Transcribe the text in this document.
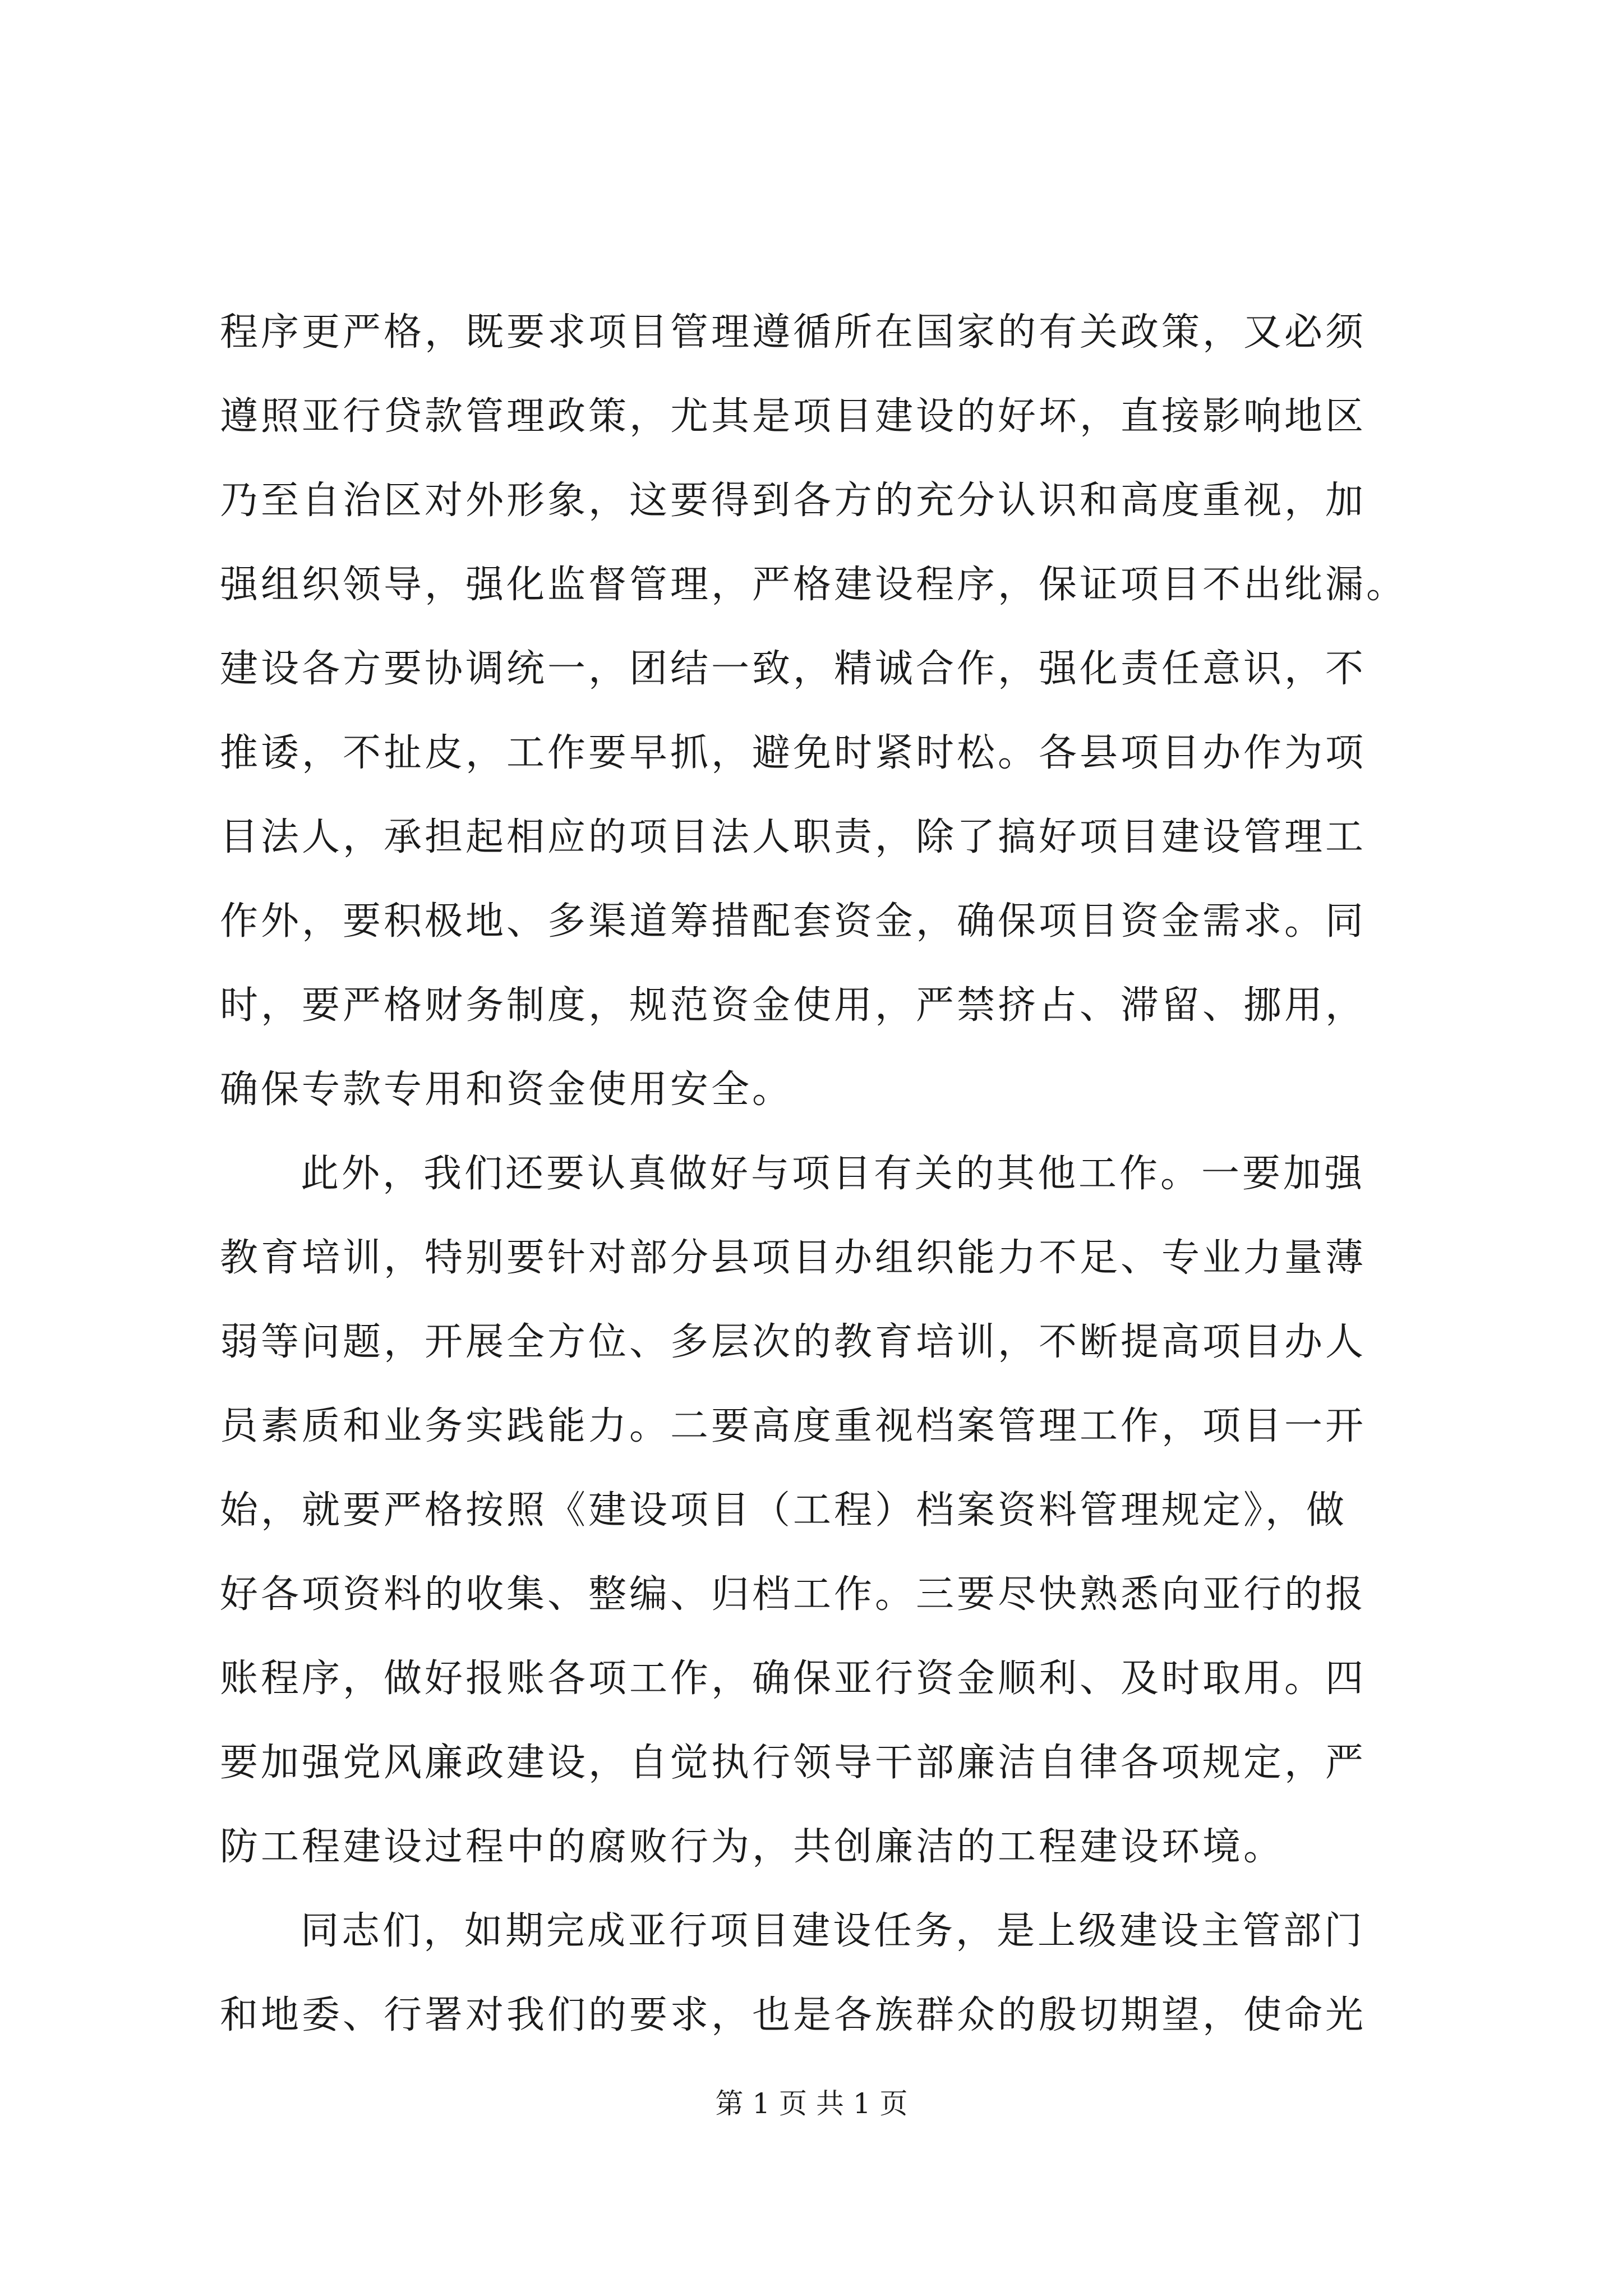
程序更严格，既要求项目管理遵循所在国家的有关政策，又必须
遵照亚行贷款管理政策，尤其是项目建设的好坏，直接影响地区
乃至自治区对外形象，这要得到各方的充分认识和高度重视，加
强组织领导，强化监督管理，严格建设程序，保证项目不出纰漏。
建设各方要协调统一，团结一致，精诚合作，强化责任意识，不
推诿，不扯皮，工作要早抓，避免时紧时松。各县项目办作为项
目法人，承担起相应的项目法人职责，除了搞好项目建设管理工
作外，要积极地、多渠道筹措配套资金，确保项目资金需求。同
时，要严格财务制度，规范资金使用，严禁挤占、滞留、挪用，
确保专款专用和资金使用安全。
此外，我们还要认真做好与项目有关的其他工作。一要加强
教育培训，特别要针对部分县项目办组织能力不足、专业力量薄
弱等问题，开展全方位、多层次的教育培训，不断提高项目办人
员素质和业务实践能力。二要高度重视档案管理工作，项目一开
始，就要严格按照《建设项目（工程）档案资料管理规定》，做
好各项资料的收集、整编、归档工作。三要尽快熟悉向亚行的报
账程序，做好报账各项工作，确保亚行资金顺利、及时取用。四
要加强党风廉政建设，自觉执行领导干部廉洁自律各项规定，严
防工程建设过程中的腐败行为，共创廉洁的工程建设环境。
同志们，如期完成亚行项目建设任务，是上级建设主管部门
和地委、行署对我们的要求，也是各族群众的殷切期望，使命光
第 1 页 共 1 页
